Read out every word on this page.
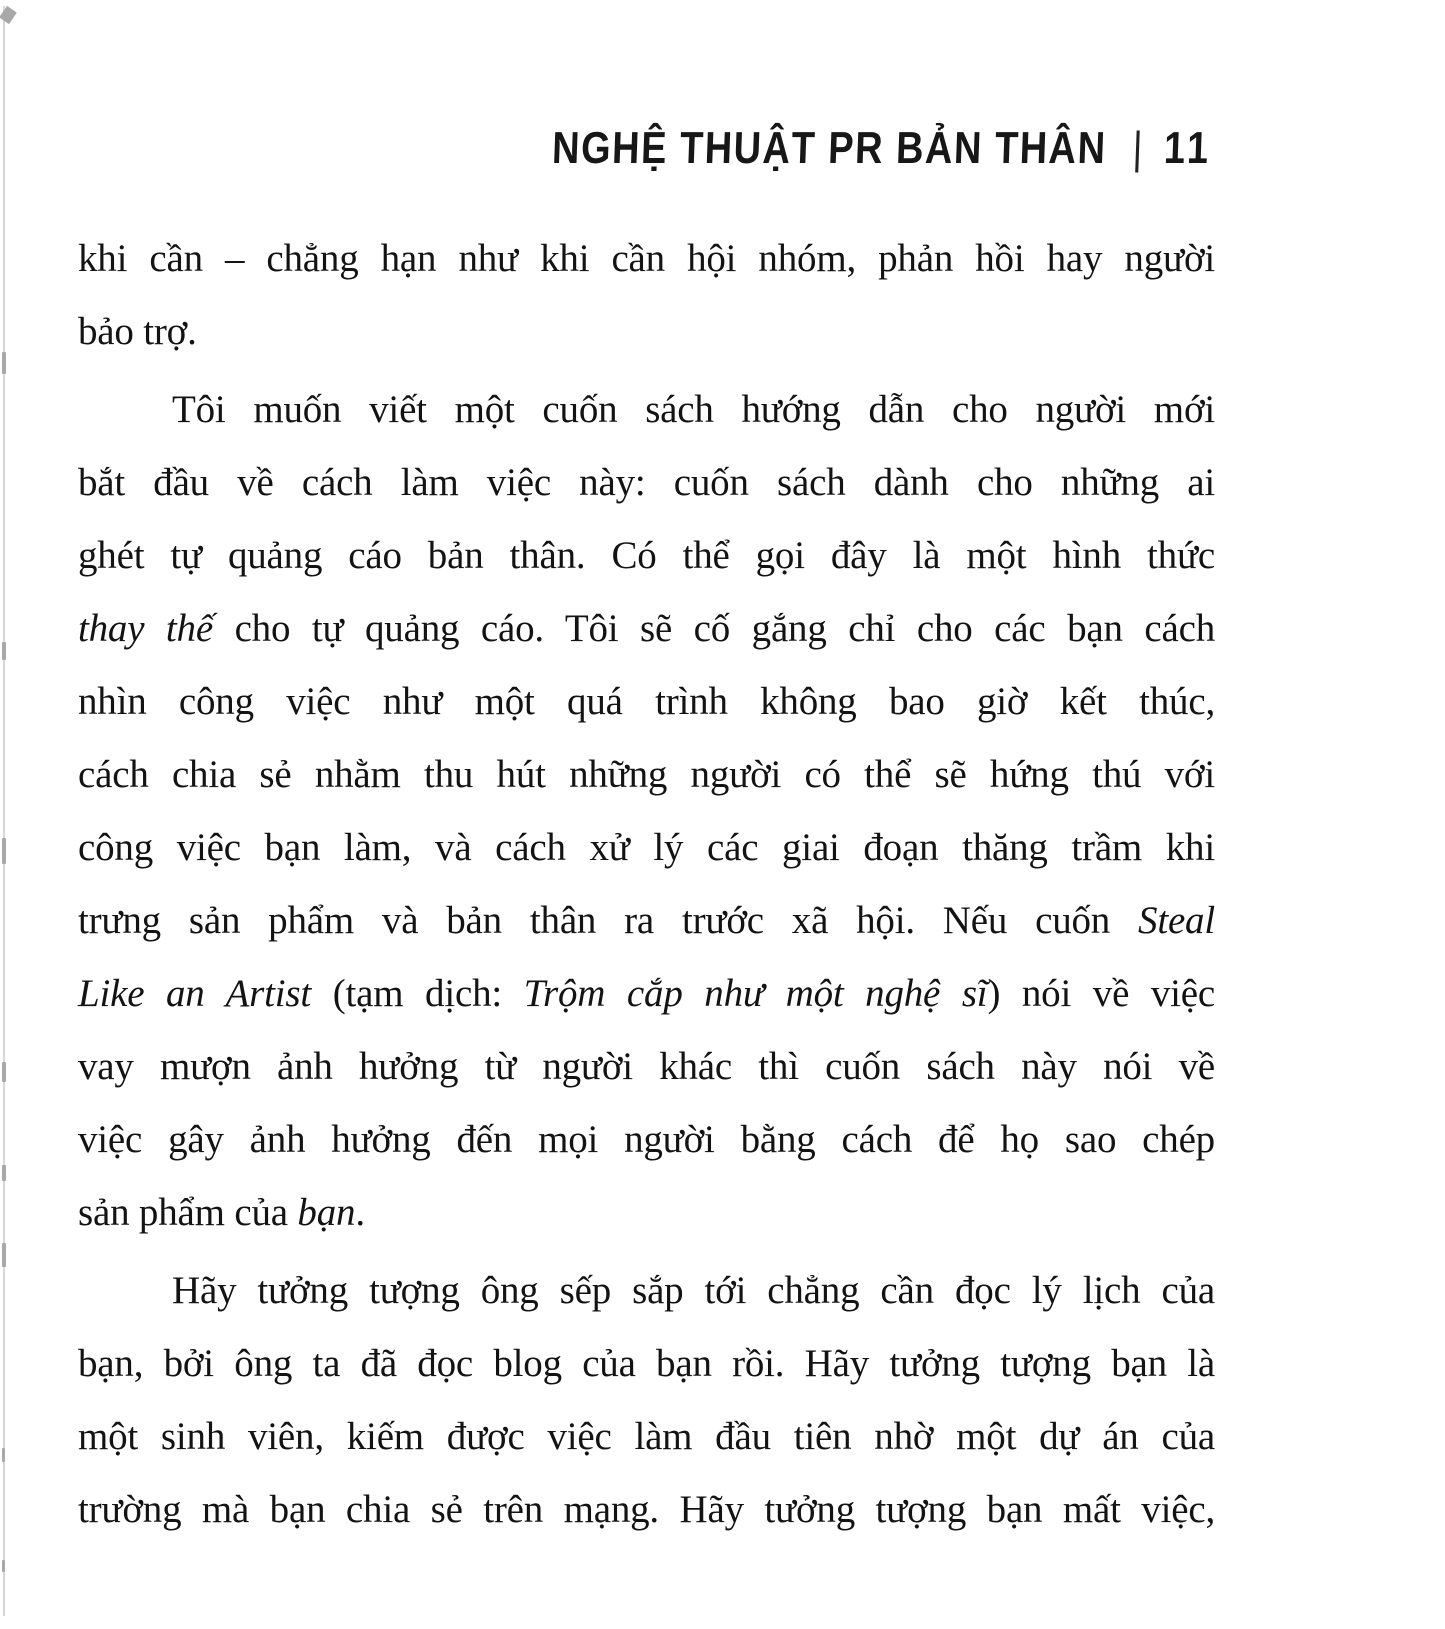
NGHỆ THUẬT PR BẢN THÂN | 11
khi cần – chẳng hạn như khi cần hội nhóm, phản hồi hay người
bảo trợ.
Tôi muốn viết một cuốn sách hướng dẫn cho người mới
bắt đầu về cách làm việc này: cuốn sách dành cho những ai
ghét tự quảng cáo bản thân. Có thể gọi đây là một hình thức
thay thế cho tự quảng cáo. Tôi sẽ cố gắng chỉ cho các bạn cách
nhìn công việc như một quá trình không bao giờ kết thúc,
cách chia sẻ nhằm thu hút những người có thể sẽ hứng thú với
công việc bạn làm, và cách xử lý các giai đoạn thăng trầm khi
trưng sản phẩm và bản thân ra trước xã hội. Nếu cuốn Steal
Like an Artist (tạm dịch: Trộm cắp như một nghệ sĩ) nói về việc
vay mượn ảnh hưởng từ người khác thì cuốn sách này nói về
việc gây ảnh hưởng đến mọi người bằng cách để họ sao chép
sản phẩm của bạn.
Hãy tưởng tượng ông sếp sắp tới chẳng cần đọc lý lịch của
bạn, bởi ông ta đã đọc blog của bạn rồi. Hãy tưởng tượng bạn là
một sinh viên, kiếm được việc làm đầu tiên nhờ một dự án của
trường mà bạn chia sẻ trên mạng. Hãy tưởng tượng bạn mất việc,
